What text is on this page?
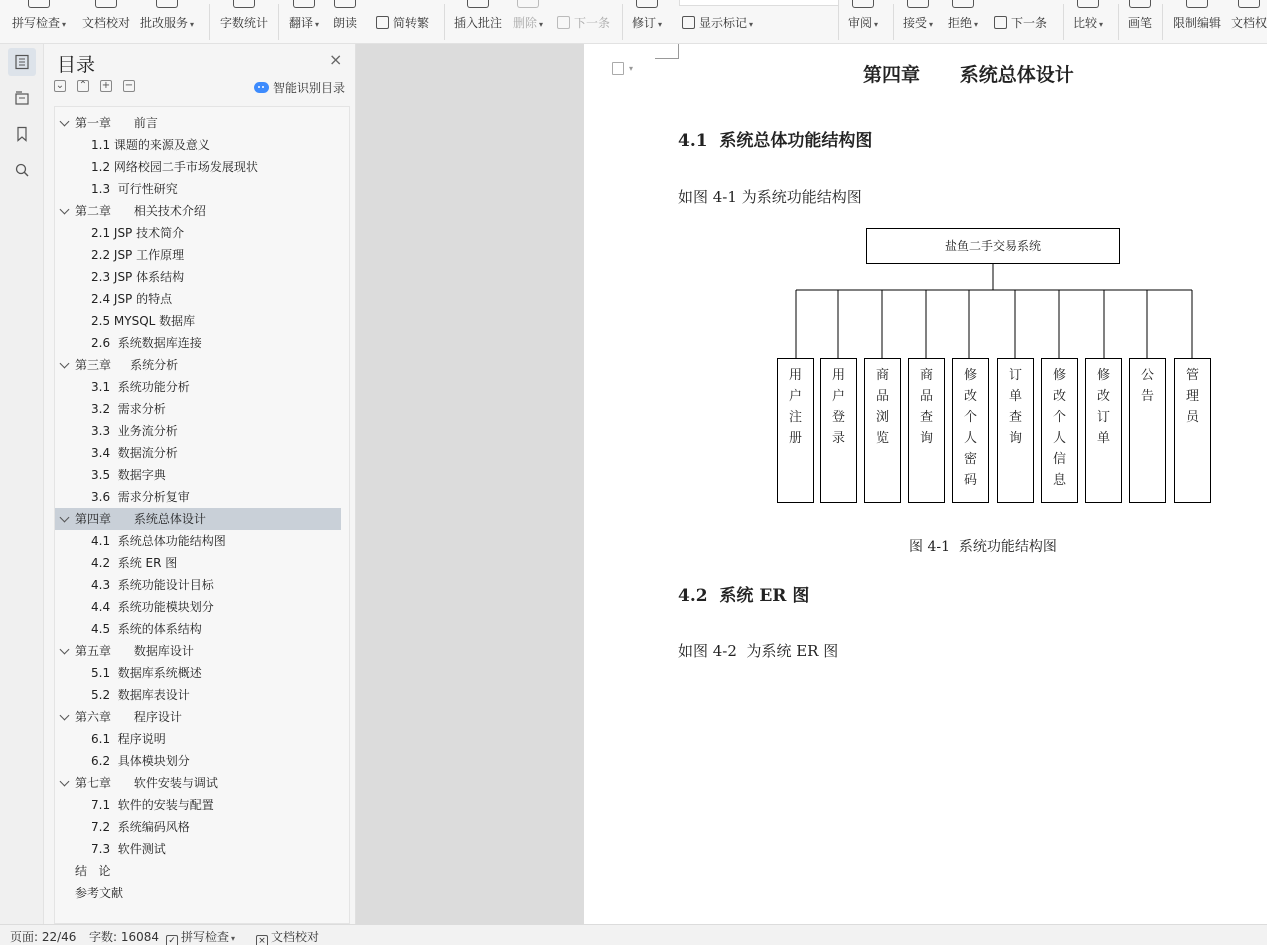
拼写检查 ▾ 文档校对 批改服务 ▾ 字数统计 翻译 ▾ 朗读	简转繁 插入批注 删除 ▾	下一条 修订 ▾	显示标记 ▾	审阅 ▾ 接受 ▾ 拒绝 ▾	下一条 比较 ▾ 画笔 限制编辑 文档权
目录	×
⌄ ⌃ + −	智能识别目录
第一章      前言
1.1 课题的来源及意义
1.2 网络校园二手市场发展现状
1.3  可行性研究
第二章      相关技术介绍
2.1 JSP 技术简介
2.2 JSP 工作原理
2.3 JSP 体系结构
2.4 JSP 的特点
2.5 MYSQL 数据库
2.6  系统数据库连接
第三章     系统分析
3.1  系统功能分析
3.2  需求分析
3.3  业务流分析
3.4  数据流分析
3.5  数据字典
3.6  需求分析复审
第四章      系统总体设计
4.1  系统总体功能结构图
4.2  系统 ER 图
4.3  系统功能设计目标
4.4  系统功能模块划分
4.5  系统的体系结构
第五章      数据库设计
5.1  数据库系统概述
5.2  数据库表设计
第六章      程序设计
6.1  程序说明
6.2  具体模块划分
第七章      软件安装与调试
7.1  软件的安装与配置
7.2  系统编码风格
7.3  软件测试
结   论
参考文献
▾	第四章      系统总体设计
4.1  系统总体功能结构图
如图 4-1 为系统功能结构图
盐鱼二手交易系统
用户注册
用户登录
商品浏览
商品查询
修改个人密码
订单查询
修改个人信息
修改订单
公告
管理员
图 4-1  系统功能结构图
4.2  系统 ER 图
如图 4-2  为系统 ER 图
页面: 22/46 字数: 16084 ✓ 拼写检查 ▾	× 文档校对
